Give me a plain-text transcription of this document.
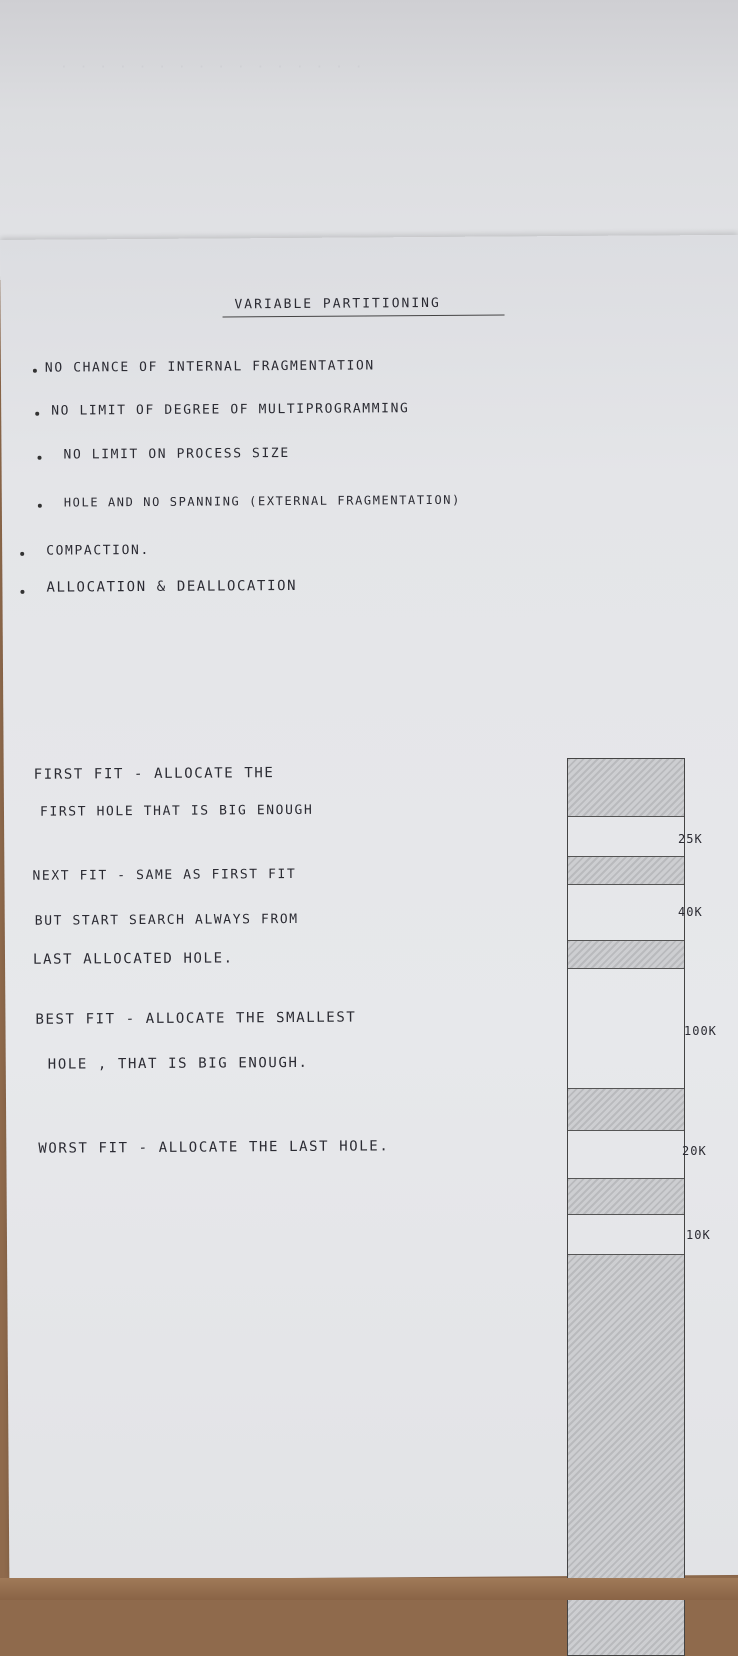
· · · · · · · · · · · · · · · ·
VARIABLE PARTITIONING
NO CHANCE OF INTERNAL FRAGMENTATION
NO LIMIT OF DEGREE OF MULTIPROGRAMMING
NO LIMIT ON PROCESS SIZE
HOLE AND NO SPANNING (EXTERNAL FRAGMENTATION)
COMPACTION.
ALLOCATION & DEALLOCATION
FIRST FIT - ALLOCATE THE
FIRST HOLE THAT IS BIG ENOUGH
NEXT FIT - SAME AS FIRST FIT
BUT START SEARCH ALWAYS FROM
LAST ALLOCATED HOLE.
BEST FIT - ALLOCATE THE SMALLEST
HOLE , THAT IS BIG ENOUGH.
WORST FIT - ALLOCATE THE LAST HOLE.
25K
40K
100K
20K
10K
